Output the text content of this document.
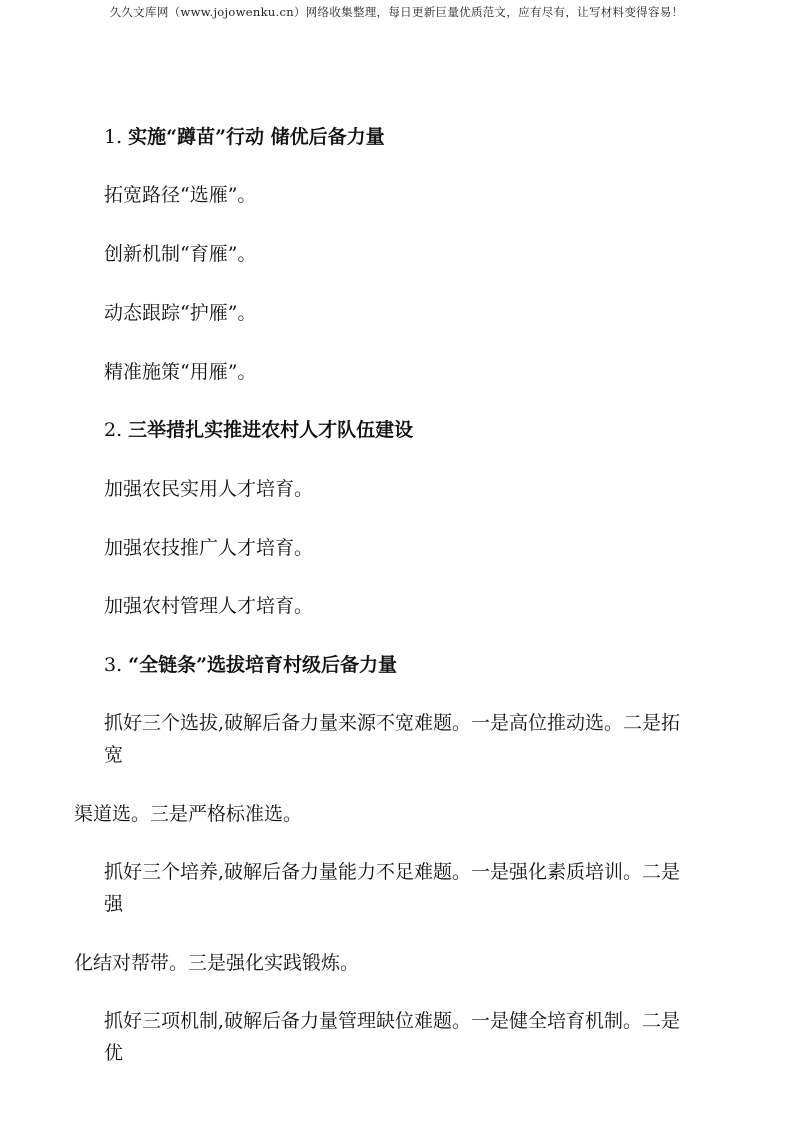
久久文库网（www.jojowenku.cn）网络收集整理，每日更新巨量优质范文，应有尽有，让写材料变得容易！

1. 实施“蹲苗”行动 储优后备力量

拓宽路径“选雁”。

创新机制“育雁”。

动态跟踪“护雁”。

精准施策“用雁”。

2. 三举措扎实推进农村人才队伍建设

加强农民实用人才培育。

加强农技推广人才培育。

加强农村管理人才培育。

3. “全链条”选拔培育村级后备力量

抓好三个选拔,破解后备力量来源不宽难题。一是高位推动选。二是拓

宽

渠道选。三是严格标准选。

抓好三个培养,破解后备力量能力不足难题。一是强化素质培训。二是

强

化结对帮带。三是强化实践锻炼。

抓好三项机制,破解后备力量管理缺位难题。一是健全培育机制。二是

优
